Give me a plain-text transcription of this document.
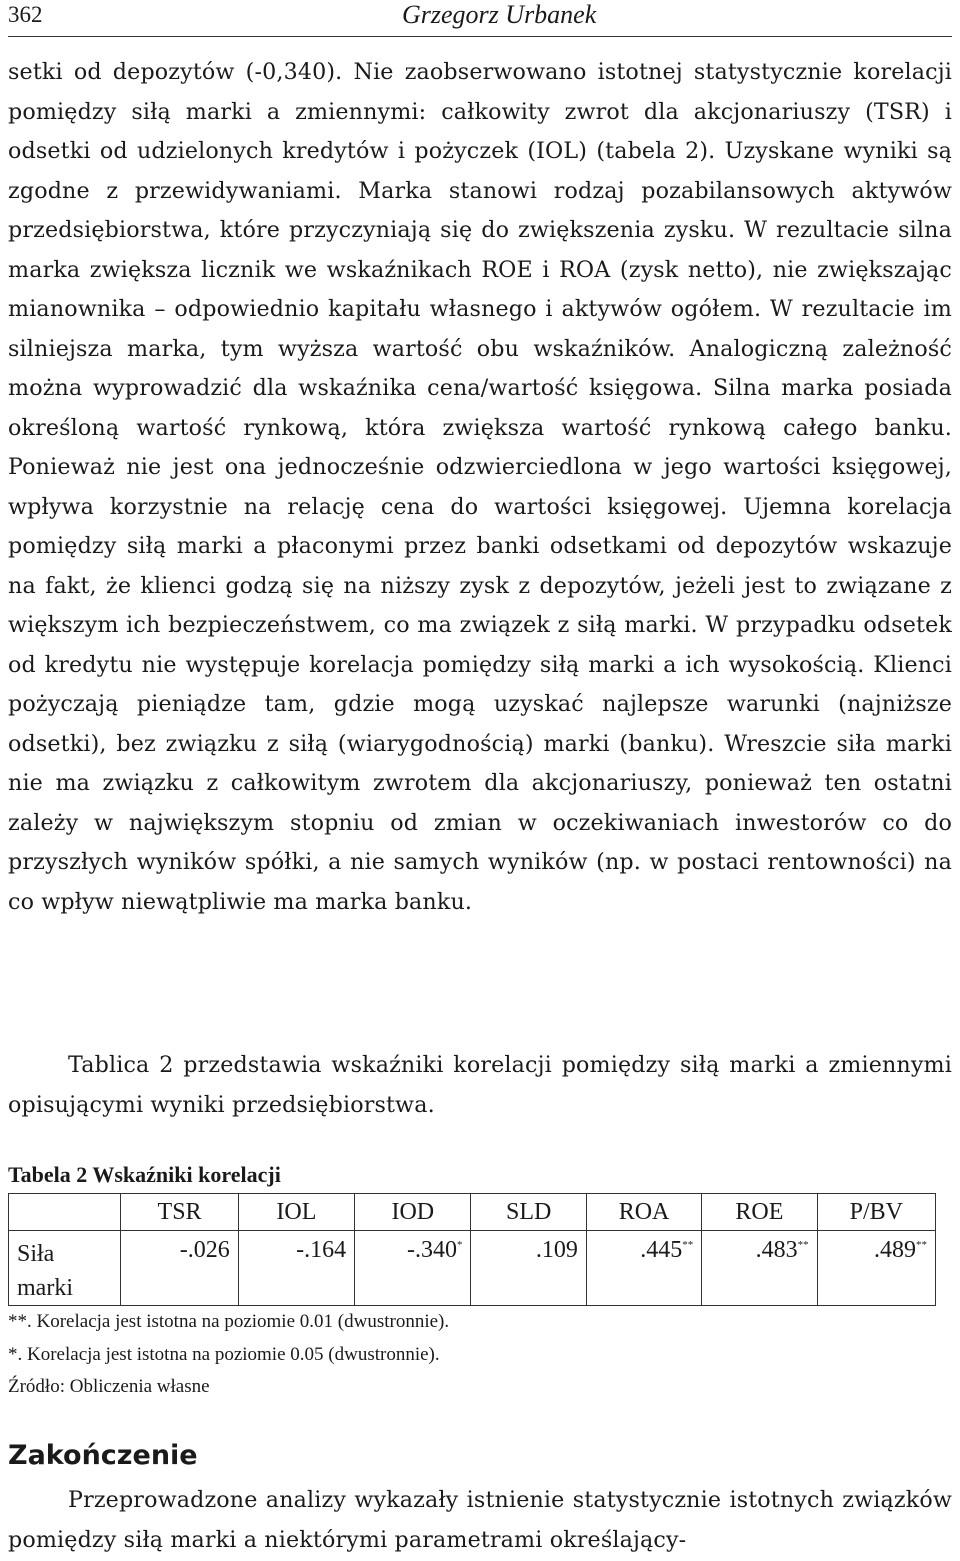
362	Grzegorz Urbanek

setki od depozytów (-0,340). Nie zaobserwowano istotnej statystycznie korelacji pomiędzy siłą marki a zmiennymi: całkowity zwrot dla akcjonariuszy (TSR) i odsetki od udzielonych kredytów i pożyczek (IOL) (tabela 2). Uzyskane wyniki są zgodne z przewidywaniami. Marka stanowi rodzaj pozabilansowych aktywów przedsiębiorstwa, które przyczyniają się do zwiększenia zysku. W rezultacie silna marka zwiększa licznik we wskaźnikach ROE i ROA (zysk netto), nie zwiększając mianownika – odpowiednio kapitału własnego i aktywów ogółem. W rezultacie im silniejsza marka, tym wyższa wartość obu wskaźników. Analogiczną zależność można wyprowadzić dla wskaźnika cena/wartość księgowa. Silna marka posiada określoną wartość rynkową, która zwiększa wartość rynkową całego banku. Ponieważ nie jest ona jednocześnie odzwierciedlona w jego wartości księgowej, wpływa korzystnie na relację cena do wartości księgowej. Ujemna korelacja pomiędzy siłą marki a płaconymi przez banki odsetkami od depozytów wskazuje na fakt, że klienci godzą się na niższy zysk z depozytów, jeżeli jest to związane z większym ich bezpieczeństwem, co ma związek z siłą marki. W przypadku odsetek od kredytu nie występuje korelacja pomiędzy siłą marki a ich wysokością. Klienci pożyczają pieniądze tam, gdzie mogą uzyskać najlepsze warunki (najniższe odsetki), bez związku z siłą (wiarygodnością) marki (banku). Wreszcie siła marki nie ma związku z całkowitym zwrotem dla akcjonariuszy, ponieważ ten ostatni zależy w największym stopniu od zmian w oczekiwaniach inwestorów co do przyszłych wyników spółki, a nie samych wyników (np. w postaci rentowności) na co wpływ niewątpliwie ma marka banku.

Tablica 2 przedstawia wskaźniki korelacji pomiędzy siłą marki a zmiennymi opisującymi wyniki przedsiębiorstwa.

Tabela 2 Wskaźniki korelacji
	TSR	IOL	IOD	SLD	ROA	ROE	P/BV
Siła marki	-.026	-.164	-.340*	.109	.445**	.483**	.489**
**. Korelacja jest istotna na poziomie 0.01 (dwustronnie).
*. Korelacja jest istotna na poziomie 0.05 (dwustronnie).
Źródło: Obliczenia własne
Zakończenie

Przeprowadzone analizy wykazały istnienie statystycznie istotnych związków pomiędzy siłą marki a niektórymi parametrami określający-
